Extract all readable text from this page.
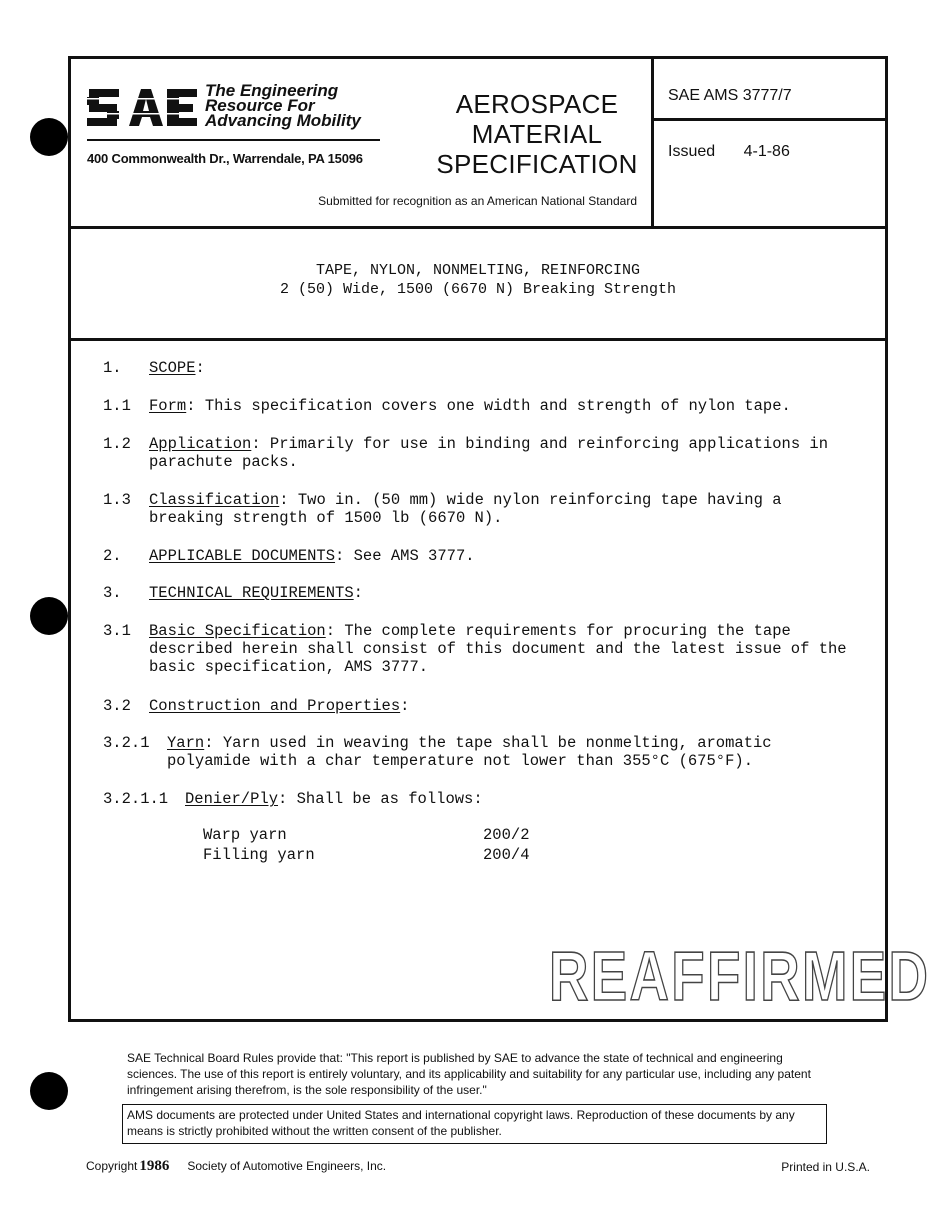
The Engineering
Resource For
Advancing Mobility
400 Commonwealth Dr., Warrendale, PA 15096
AEROSPACE
MATERIAL
SPECIFICATION
Submitted for recognition as an American National Standard
SAE AMS 3777/7
Issued 4-1-86
TAPE, NYLON, NONMELTING, REINFORCING
2 (50) Wide, 1500 (6670 N) Breaking Strength
1. SCOPE:
1.1 Form: This specification covers one width and strength of nylon tape.
1.2 Application: Primarily for use in binding and reinforcing applications in
parachute packs.
1.3 Classification: Two in. (50 mm) wide nylon reinforcing tape having a
breaking strength of 1500 lb (6670 N).
2. APPLICABLE DOCUMENTS: See AMS 3777.
3. TECHNICAL REQUIREMENTS:
3.1 Basic Specification: The complete requirements for procuring the tape
described herein shall consist of this document and the latest issue of the
basic specification, AMS 3777.
3.2 Construction and Properties:
3.2.1 Yarn: Yarn used in weaving the tape shall be nonmelting, aromatic
polyamide with a char temperature not lower than 355°C (675°F).
3.2.1.1 Denier/Ply: Shall be as follows:
Warp yarn	200/2
Filling yarn	200/4
REAFFIRMED
SAE Technical Board Rules provide that: "This report is published by SAE to advance the state of technical and engineering sciences. The use of this report is entirely voluntary, and its applicability and suitability for any particular use, including any patent infringement arising therefrom, is the sole responsibility of the user."
AMS documents are protected under United States and international copyright laws. Reproduction of these documents by any means is strictly prohibited without the written consent of the publisher.
Copyright 1986 Society of Automotive Engineers, Inc.	Printed in U.S.A.
